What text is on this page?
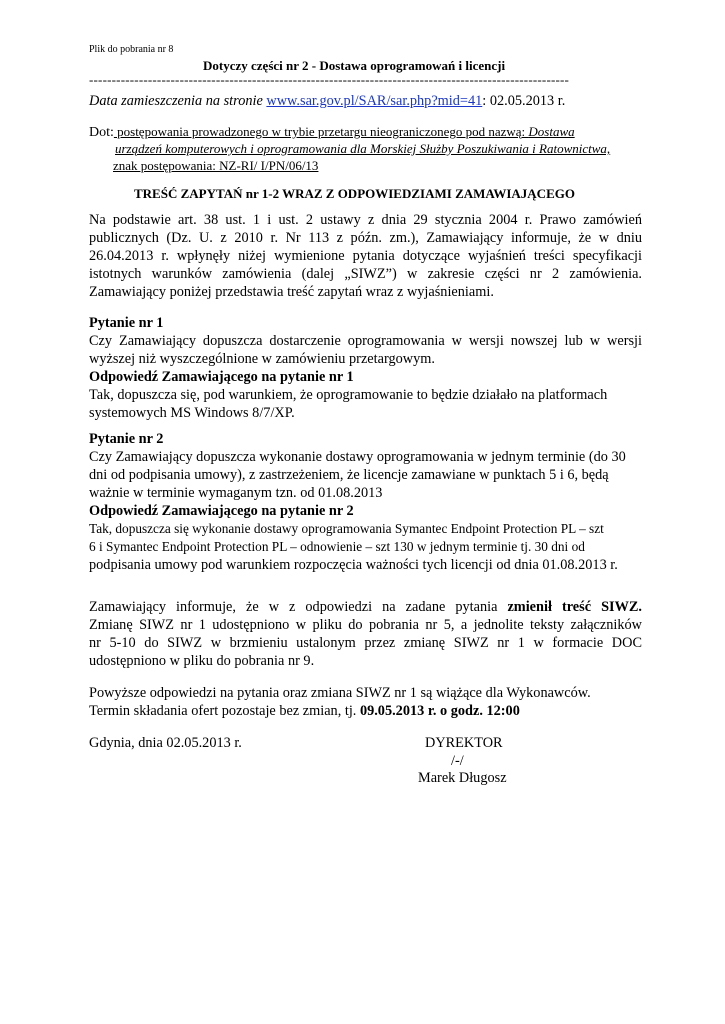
Plik do pobrania nr 8
Dotyczy części nr 2 - Dostawa oprogramowań i licencji
----------------------------------------------------------------------------------------------------------
Data zamieszczenia na stronie www.sar.gov.pl/SAR/sar.php?mid=41: 02.05.2013 r.
Dot: postępowania prowadzonego w trybie przetargu nieograniczonego pod nazwą: Dostawa
urządzeń komputerowych i oprogramowania dla Morskiej Służby Poszukiwania i Ratownictwa,
znak postępowania: NZ-RI/ I/PN/06/13
TREŚĆ ZAPYTAŃ nr 1-2 WRAZ Z ODPOWIEDZIAMI ZAMAWIAJĄCEGO
Na podstawie art. 38 ust. 1 i ust. 2 ustawy z dnia 29 stycznia 2004 r. Prawo zamówień
publicznych (Dz. U. z 2010 r. Nr 113 z późn. zm.), Zamawiający informuje, że w dniu
26.04.2013 r. wpłynęły niżej wymienione pytania dotyczące wyjaśnień treści specyfikacji
istotnych warunków zamówienia (dalej „SIWZ”) w zakresie części nr 2 zamówienia.
Zamawiający poniżej przedstawia treść zapytań wraz z wyjaśnieniami.
Pytanie nr 1
Czy Zamawiający dopuszcza dostarczenie oprogramowania w wersji nowszej lub w wersji
wyższej niż wyszczególnione w zamówieniu przetargowym.
Odpowiedź Zamawiającego na pytanie nr 1
Tak, dopuszcza się, pod warunkiem, że oprogramowanie to będzie działało na platformach
systemowych MS Windows 8/7/XP.
Pytanie nr 2
Czy Zamawiający dopuszcza wykonanie dostawy oprogramowania w jednym terminie (do 30
dni od podpisania umowy), z zastrzeżeniem, że licencje zamawiane w punktach 5 i 6, będą
ważnie w terminie wymaganym tzn. od 01.08.2013
Odpowiedź Zamawiającego na pytanie nr 2
Tak, dopuszcza się wykonanie dostawy oprogramowania Symantec Endpoint Protection PL – szt
6 i Symantec Endpoint Protection PL – odnowienie – szt 130 w jednym terminie tj. 30 dni od
podpisania umowy pod warunkiem rozpoczęcia ważności tych licencji od dnia 01.08.2013 r.
Zamawiający informuje, że w z odpowiedzi na zadane pytania zmienił treść SIWZ.
Zmianę SIWZ nr 1 udostępniono w pliku do pobrania nr 5, a jednolite teksty załączników
nr 5-10 do SIWZ w brzmieniu ustalonym przez zmianę SIWZ nr 1 w formacie DOC
udostępniono w pliku do pobrania nr 9.
Powyższe odpowiedzi na pytania oraz zmiana SIWZ nr 1 są wiążące dla Wykonawców.
Termin składania ofert pozostaje bez zmian, tj. 09.05.2013 r. o godz. 12:00
Gdynia, dnia 02.05.2013 r.	DYREKTOR
/-/
Marek Długosz
